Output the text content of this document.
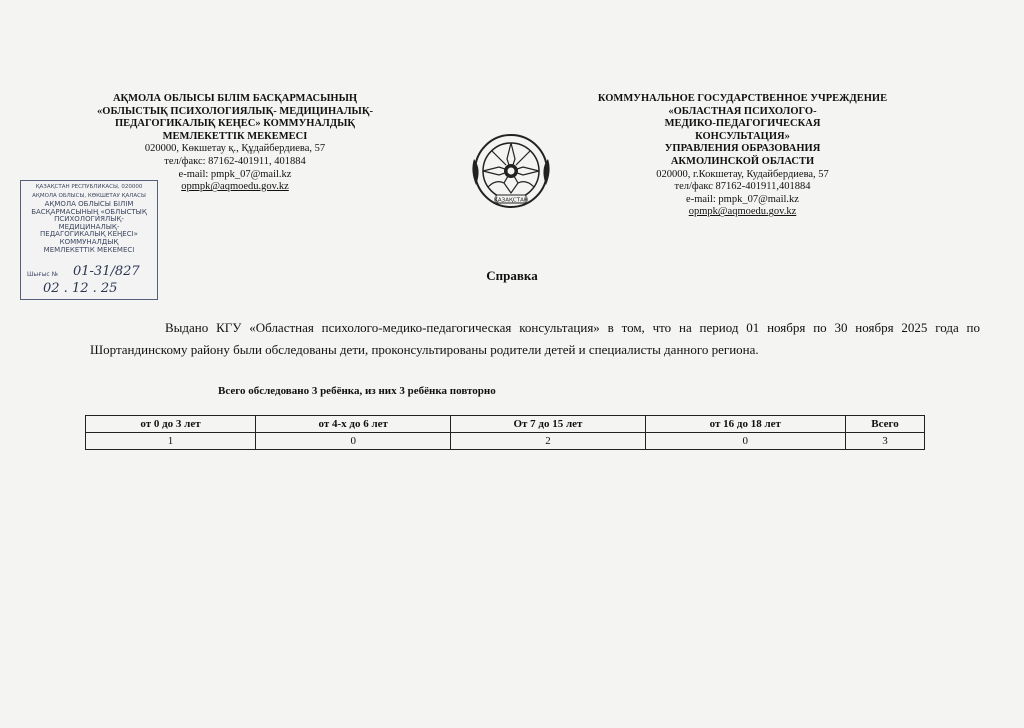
АҚМОЛА ОБЛЫСЫ БІЛІМ БАСҚАРМАСЫНЫҢ
«ОБЛЫСТЫҚ ПСИХОЛОГИЯЛЫҚ- МЕДИЦИНАЛЫҚ-
ПЕДАГОГИКАЛЫҚ КЕҢЕС» КОММУНАЛДЫҚ
МЕМЛЕКЕТТІК МЕКЕМЕСІ
020000, Көкшетау қ., Құдайбердиева, 57
тел/факс: 87162-401911, 401884
e-mail: pmpk_07@mail.kz
opmpk@aqmoedu.gov.kz
ҚАЗАҚСТАН
КОММУНАЛЬНОЕ ГОСУДАРСТВЕННОЕ УЧРЕЖДЕНИЕ
«ОБЛАСТНАЯ ПСИХОЛОГО-
МЕДИКО-ПЕДАГОГИЧЕСКАЯ
КОНСУЛЬТАЦИЯ»
УПРАВЛЕНИЯ ОБРАЗОВАНИЯ
АКМОЛИНСКОЙ ОБЛАСТИ
020000, г.Кокшетау, Кудайбердиева, 57
тел/факс 87162-401911,401884
e-mail: pmpk_07@mail.kz
opmpk@aqmoedu.gov.kz
ҚАЗАҚСТАН РЕСПУБЛИКАСЫ, 020000
АҚМОЛА ОБЛЫСЫ, КӨКШЕТАУ ҚАЛАСЫ
АҚМОЛА ОБЛЫСЫ БІЛІМ
БАСҚАРМАСЫНЫҢ «ОБЛЫСТЫҚ
ПСИХОЛОГИЯЛЫҚ-
МЕДИЦИНАЛЫҚ-
ПЕДАГОГИКАЛЫҚ КЕҢЕСІ»
КОММУНАЛДЫҚ
МЕМЛЕКЕТТІК МЕКЕМЕСІ
Шығыс № 01-31/827
02 . 12 . 25
Справка
Выдано КГУ «Областная психолого-медико-педагогическая консультация» в том, что на период 01 ноября по 30 ноября 2025 года по Шортандинскому району были обследованы дети, проконсультированы родители детей и специалисты данного региона.
Всего обследовано 3 ребёнка, из них 3 ребёнка повторно
от 0 до 3 лет	от 4-х до 6 лет	От 7 до 15 лет	от 16 до 18 лет	Всего
1	0	2	0	3
